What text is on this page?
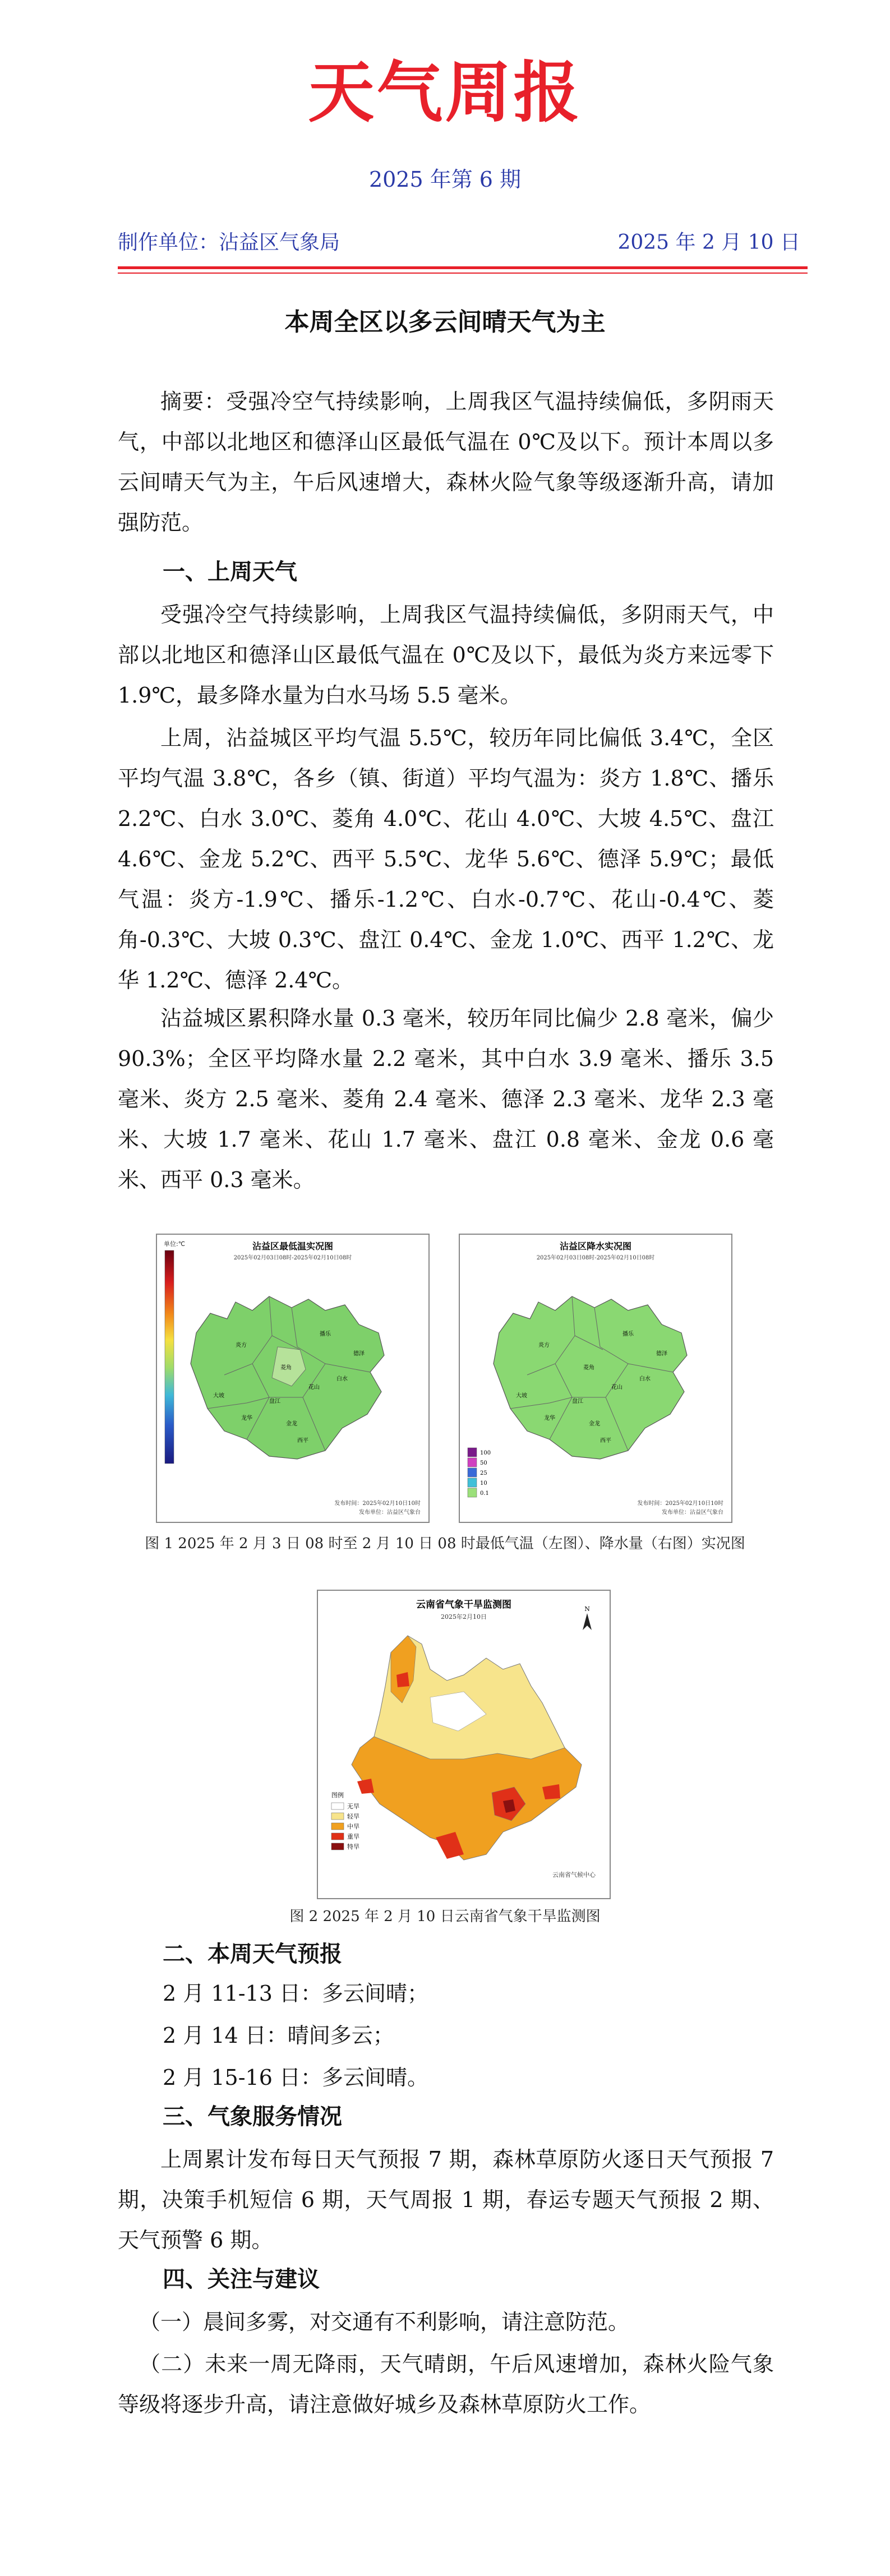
天气周报
2025 年第 6 期
制作单位：沾益区气象局	2025 年 2 月 10 日
本周全区以多云间晴天气为主

摘要：受强冷空气持续影响，上周我区气温持续偏低，多阴雨天气，中部以北地区和德泽山区最低气温在 0℃及以下。预计本周以多云间晴天气为主，午后风速增大，森林火险气象等级逐渐升高，请加强防范。

一、上周天气

受强冷空气持续影响，上周我区气温持续偏低，多阴雨天气，中部以北地区和德泽山区最低气温在 0℃及以下，最低为炎方来远零下 1.9℃，最多降水量为白水马场 5.5 毫米。

上周，沾益城区平均气温 5.5℃，较历年同比偏低 3.4℃，全区平均气温 3.8℃，各乡（镇、街道）平均气温为：炎方 1.8℃、播乐 2.2℃、白水 3.0℃、菱角 4.0℃、花山 4.0℃、大坡 4.5℃、盘江 4.6℃、金龙 5.2℃、西平 5.5℃、龙华 5.6℃、德泽 5.9℃；最低气温：炎方-1.9℃、播乐-1.2℃、白水-0.7℃、花山-0.4℃、菱角-0.3℃、大坡 0.3℃、盘江 0.4℃、金龙 1.0℃、西平 1.2℃、龙华 1.2℃、德泽 2.4℃。

沾益城区累积降水量 0.3 毫米，较历年同比偏少 2.8 毫米，偏少 90.3%；全区平均降水量 2.2 毫米，其中白水 3.9 毫米、播乐 3.5 毫米、炎方 2.5 毫米、菱角 2.4 毫米、德泽 2.3 毫米、龙华 2.3 毫米、大坡 1.7 毫米、花山 1.7 毫米、盘江 0.8 毫米、金龙 0.6 毫米、西平 0.3 毫米。

单位:℃	沾益区最低温实况图
2025年02月03日08时-2025年02月10日08时
炎方
播乐
白水
菱角
花山
大坡
盘江
金龙
西平
龙华
德泽
发布时间：2025年02月10日10时
发布单位：沾益区气象台
沾益区降水实况图
2025年02月03日08时-2025年02月10日08时
炎方
播乐
白水
菱角
花山
大坡
盘江
金龙
西平
龙华
德泽
100
50
25
10
0.1
发布时间：2025年02月10日10时
发布单位：沾益区气象台
图 1 2025 年 2 月 3 日 08 时至 2 月 10 日 08 时最低气温（左图）、降水量（右图）实况图
云南省气象干旱监测图
2025年2月10日
N
图例
无旱
轻旱
中旱
重旱
特旱
云南省气候中心
图 2 2025 年 2 月 10 日云南省气象干旱监测图
二、本周天气预报
2 月 11-13 日：多云间晴；
2 月 14 日：晴间多云；
2 月 15-16 日：多云间晴。
三、气象服务情况

上周累计发布每日天气预报 7 期，森林草原防火逐日天气预报 7 期，决策手机短信 6 期，天气周报 1 期，春运专题天气预报 2 期、天气预警 6 期。

四、关注与建议

（一）晨间多雾，对交通有不利影响，请注意防范。

（二）未来一周无降雨，天气晴朗，午后风速增加，森林火险气象等级将逐步升高，请注意做好城乡及森林草原防火工作。
